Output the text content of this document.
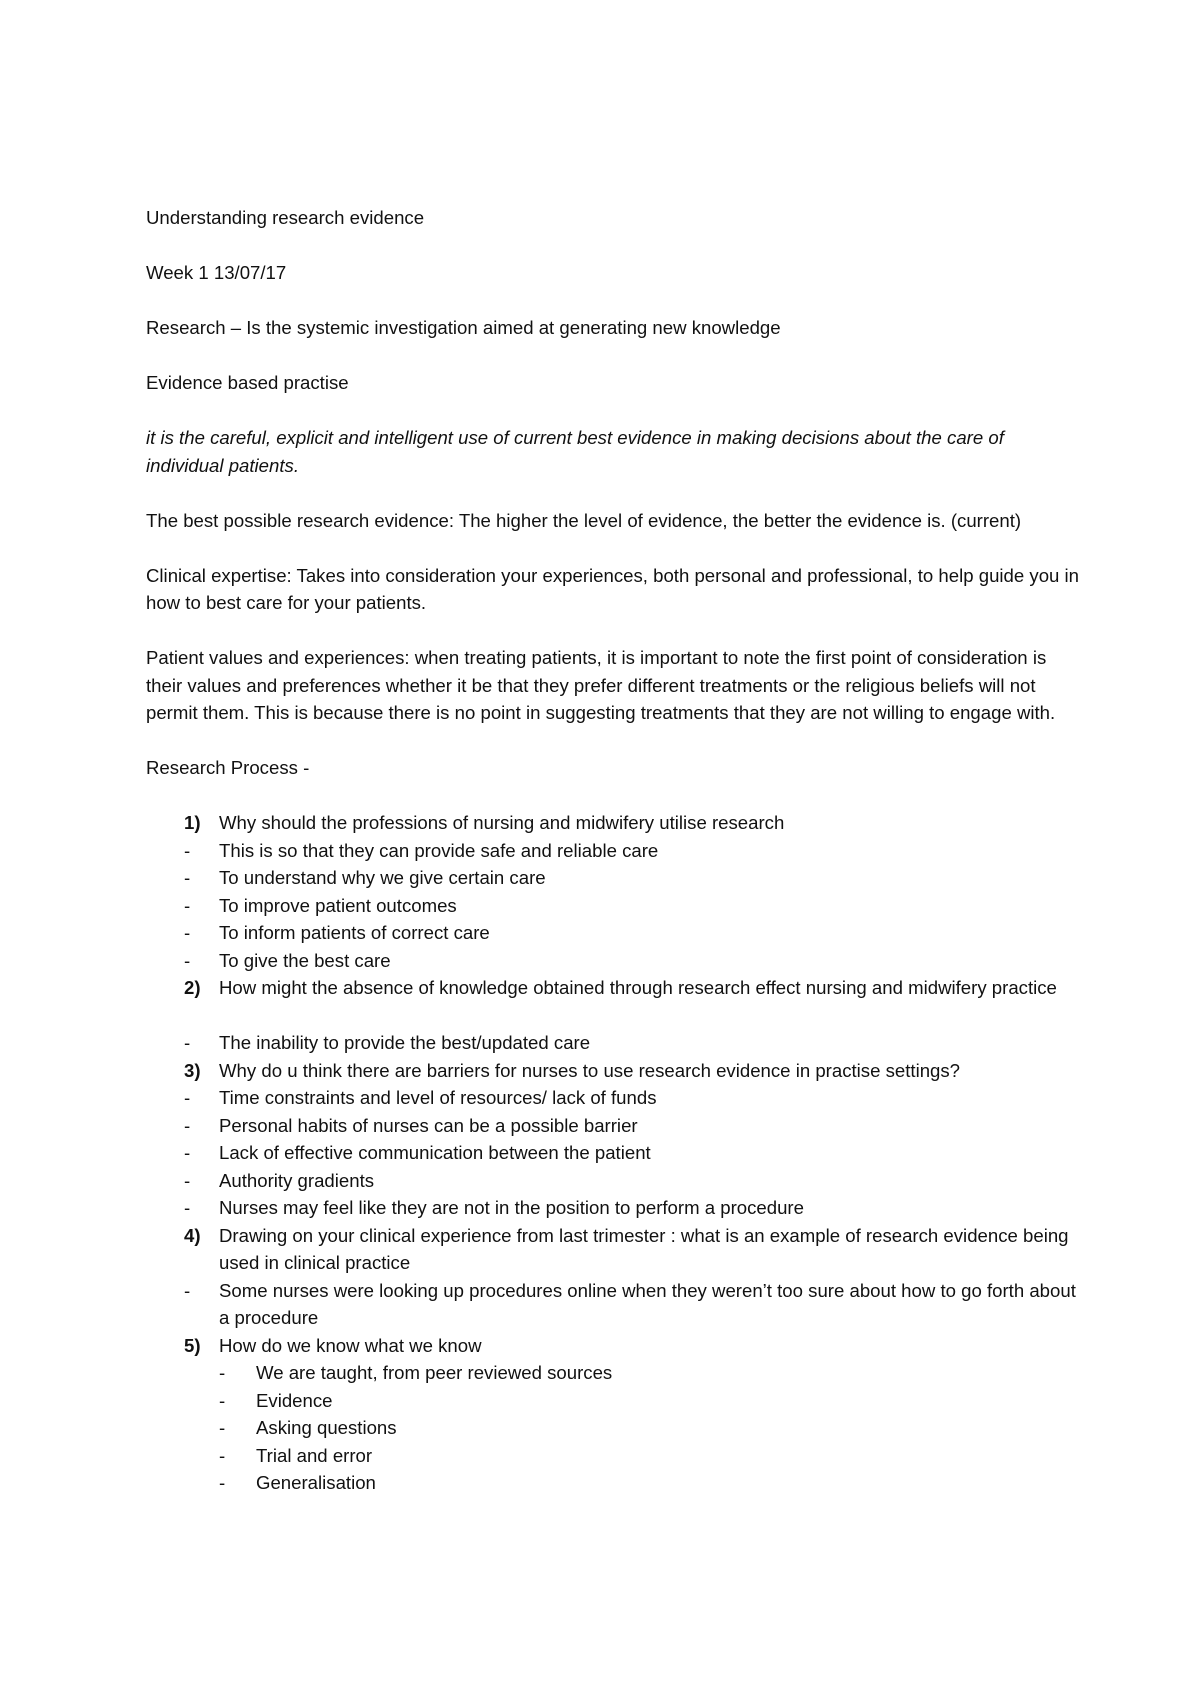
Understanding research evidence

Week 1 13/07/17

Research – Is the systemic investigation aimed at generating new knowledge

Evidence based practise

it is the careful, explicit and intelligent use of current best evidence in making decisions about the care of individual patients.

The best possible research evidence: The higher the level of evidence, the better the evidence is. (current)

Clinical expertise: Takes into consideration your experiences, both personal and professional, to help guide you in how to best care for your patients.

Patient values and experiences: when treating patients, it is important to note the first point of consideration is their values and preferences whether it be that they prefer different treatments or the religious beliefs will not permit them. This is because there is no point in suggesting treatments that they are not willing to engage with.

Research Process -

1) Why should the professions of nursing and midwifery utilise research
- This is so that they can provide safe and reliable care
- To understand why we give certain care
- To improve patient outcomes
- To inform patients of correct care
- To give the best care
2) How might the absence of knowledge obtained through research effect nursing and midwifery practice
- The inability to provide the best/updated care
3) Why do u think there are barriers for nurses to use research evidence in practise settings?
- Time constraints and level of resources/ lack of funds
- Personal habits of nurses can be a possible barrier
- Lack of effective communication between the patient
- Authority gradients
- Nurses may feel like they are not in the position to perform a procedure
4) Drawing on your clinical experience from last trimester : what is an example of research evidence being used in clinical practice
- Some nurses were looking up procedures online when they weren’t too sure about how to go forth about a procedure
5) How do we know what we know
- We are taught, from peer reviewed sources
- Evidence
- Asking questions
- Trial and error
- Generalisation
